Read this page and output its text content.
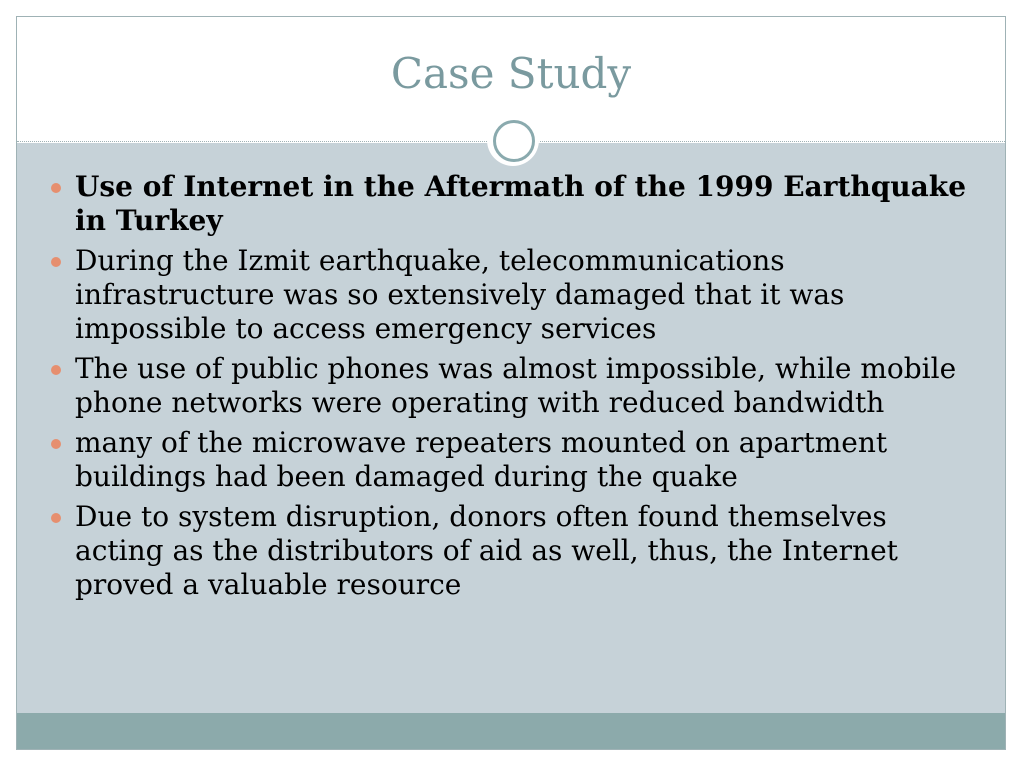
Case Study
Use of Internet in the Aftermath of the 1999 Earthquake in Turkey
During the Izmit earthquake, telecommunications infrastructure was so extensively damaged that it was impossible to access emergency services
The use of public phones was almost impossible, while mobile phone networks were operating with reduced bandwidth
many of the microwave repeaters mounted on apartment buildings had been damaged during the quake
Due to system disruption, donors often found themselves acting as the distributors of aid as well, thus, the Internet proved a valuable resource
